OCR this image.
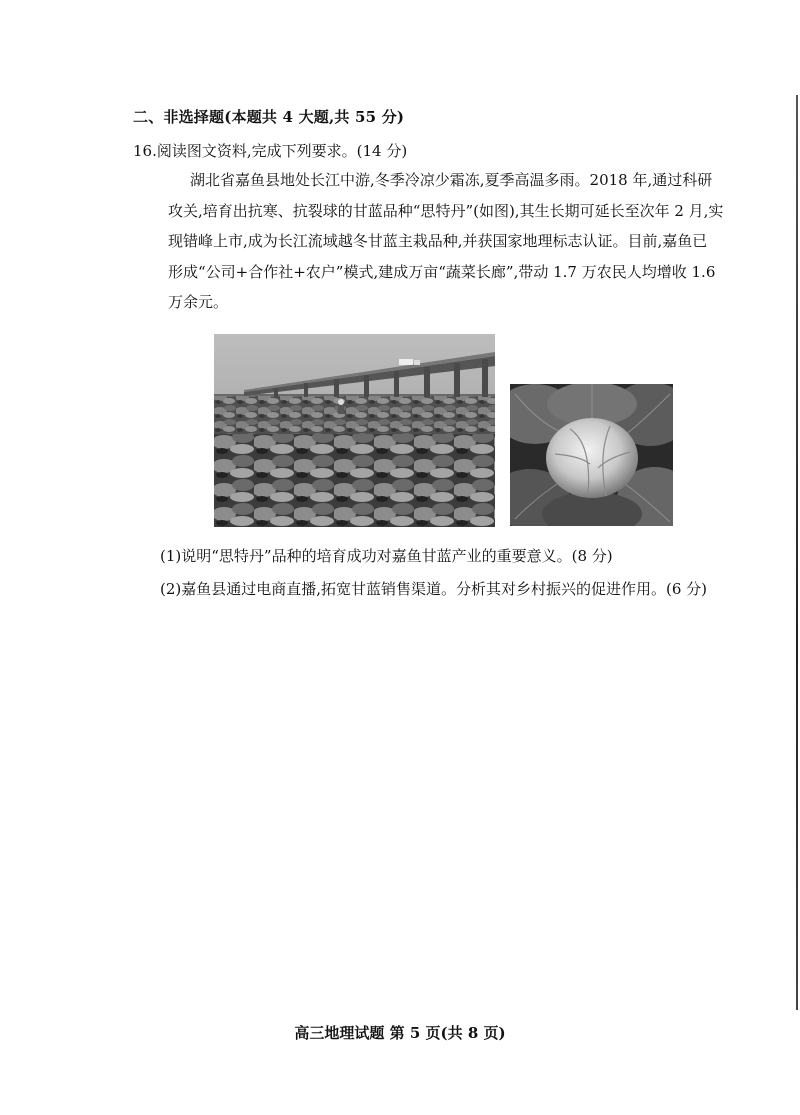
二、非选择题(本题共 4 大题,共 55 分)
16.阅读图文资料,完成下列要求。(14 分)
湖北省嘉鱼县地处长江中游,冬季冷凉少霜冻,夏季高温多雨。2018 年,通过科研
攻关,培育出抗寒、抗裂球的甘蓝品种“思特丹”(如图),其生长期可延长至次年 2 月,实
现错峰上市,成为长江流域越冬甘蓝主栽品种,并获国家地理标志认证。目前,嘉鱼已
形成“公司+合作社+农户”模式,建成万亩“蔬菜长廊”,带动 1.7 万农民人均增收 1.6
万余元。
(1)说明“思特丹”品种的培育成功对嘉鱼甘蓝产业的重要意义。(8 分)
(2)嘉鱼县通过电商直播,拓宽甘蓝销售渠道。分析其对乡村振兴的促进作用。(6 分)
高三地理试题 第 5 页(共 8 页)
